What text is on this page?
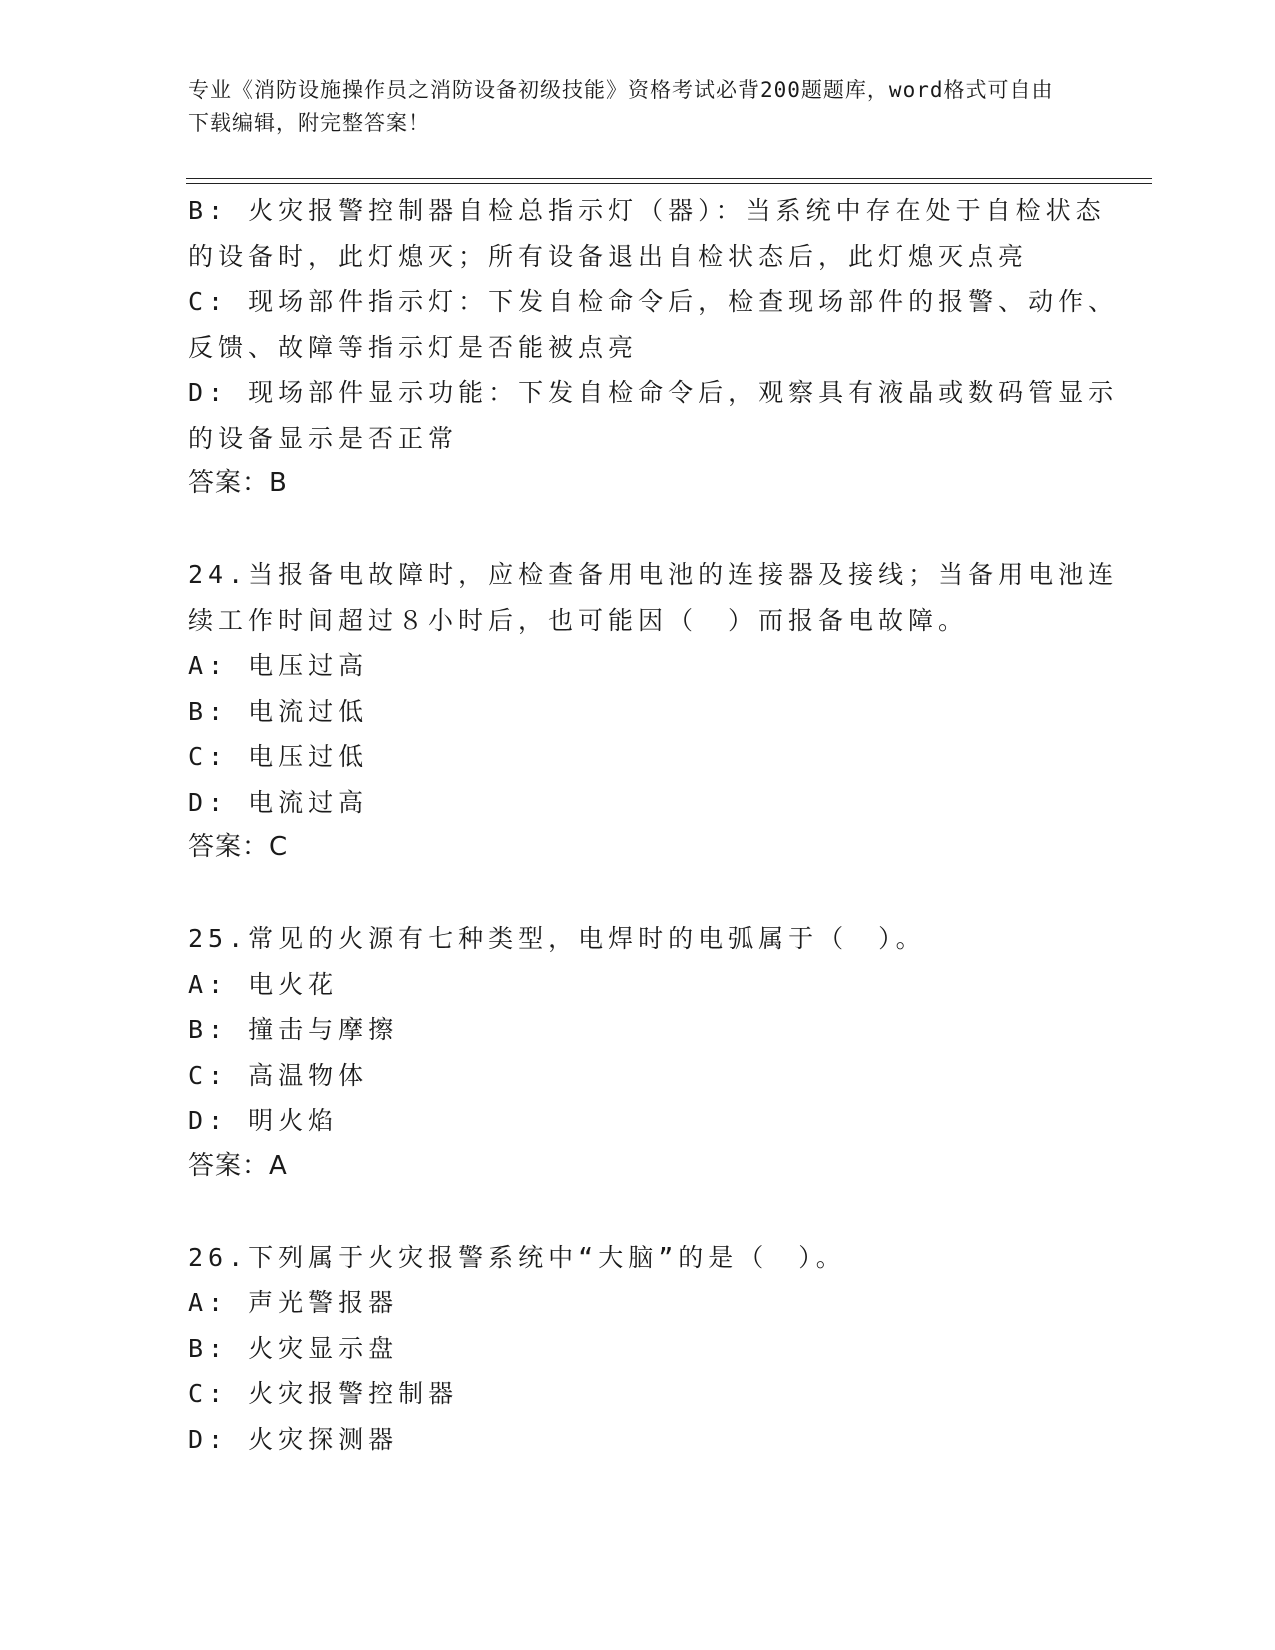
专业《消防设施操作员之消防设备初级技能》资格考试必背200题题库，word格式可自由下载编辑，附完整答案！
B: 火灾报警控制器自检总指示灯（器）：当系统中存在处于自检状态
的设备时，此灯熄灭；所有设备退出自检状态后，此灯熄灭点亮
C: 现场部件指示灯：下发自检命令后，检查现场部件的报警、动作、
反馈、故障等指示灯是否能被点亮
D: 现场部件显示功能：下发自检命令后，观察具有液晶或数码管显示
的设备显示是否正常
答案：B
24.当报备电故障时，应检查备用电池的连接器及接线；当备用电池连
续工作时间超过８小时后，也可能因（　）而报备电故障。
A: 电压过高
B: 电流过低
C: 电压过低
D: 电流过高
答案：C
25.常见的火源有七种类型，电焊时的电弧属于（　）。
A: 电火花
B: 撞击与摩擦
C: 高温物体
D: 明火焰
答案：A
26.下列属于火灾报警系统中“大脑”的是（　）。
A: 声光警报器
B: 火灾显示盘
C: 火灾报警控制器
D: 火灾探测器
